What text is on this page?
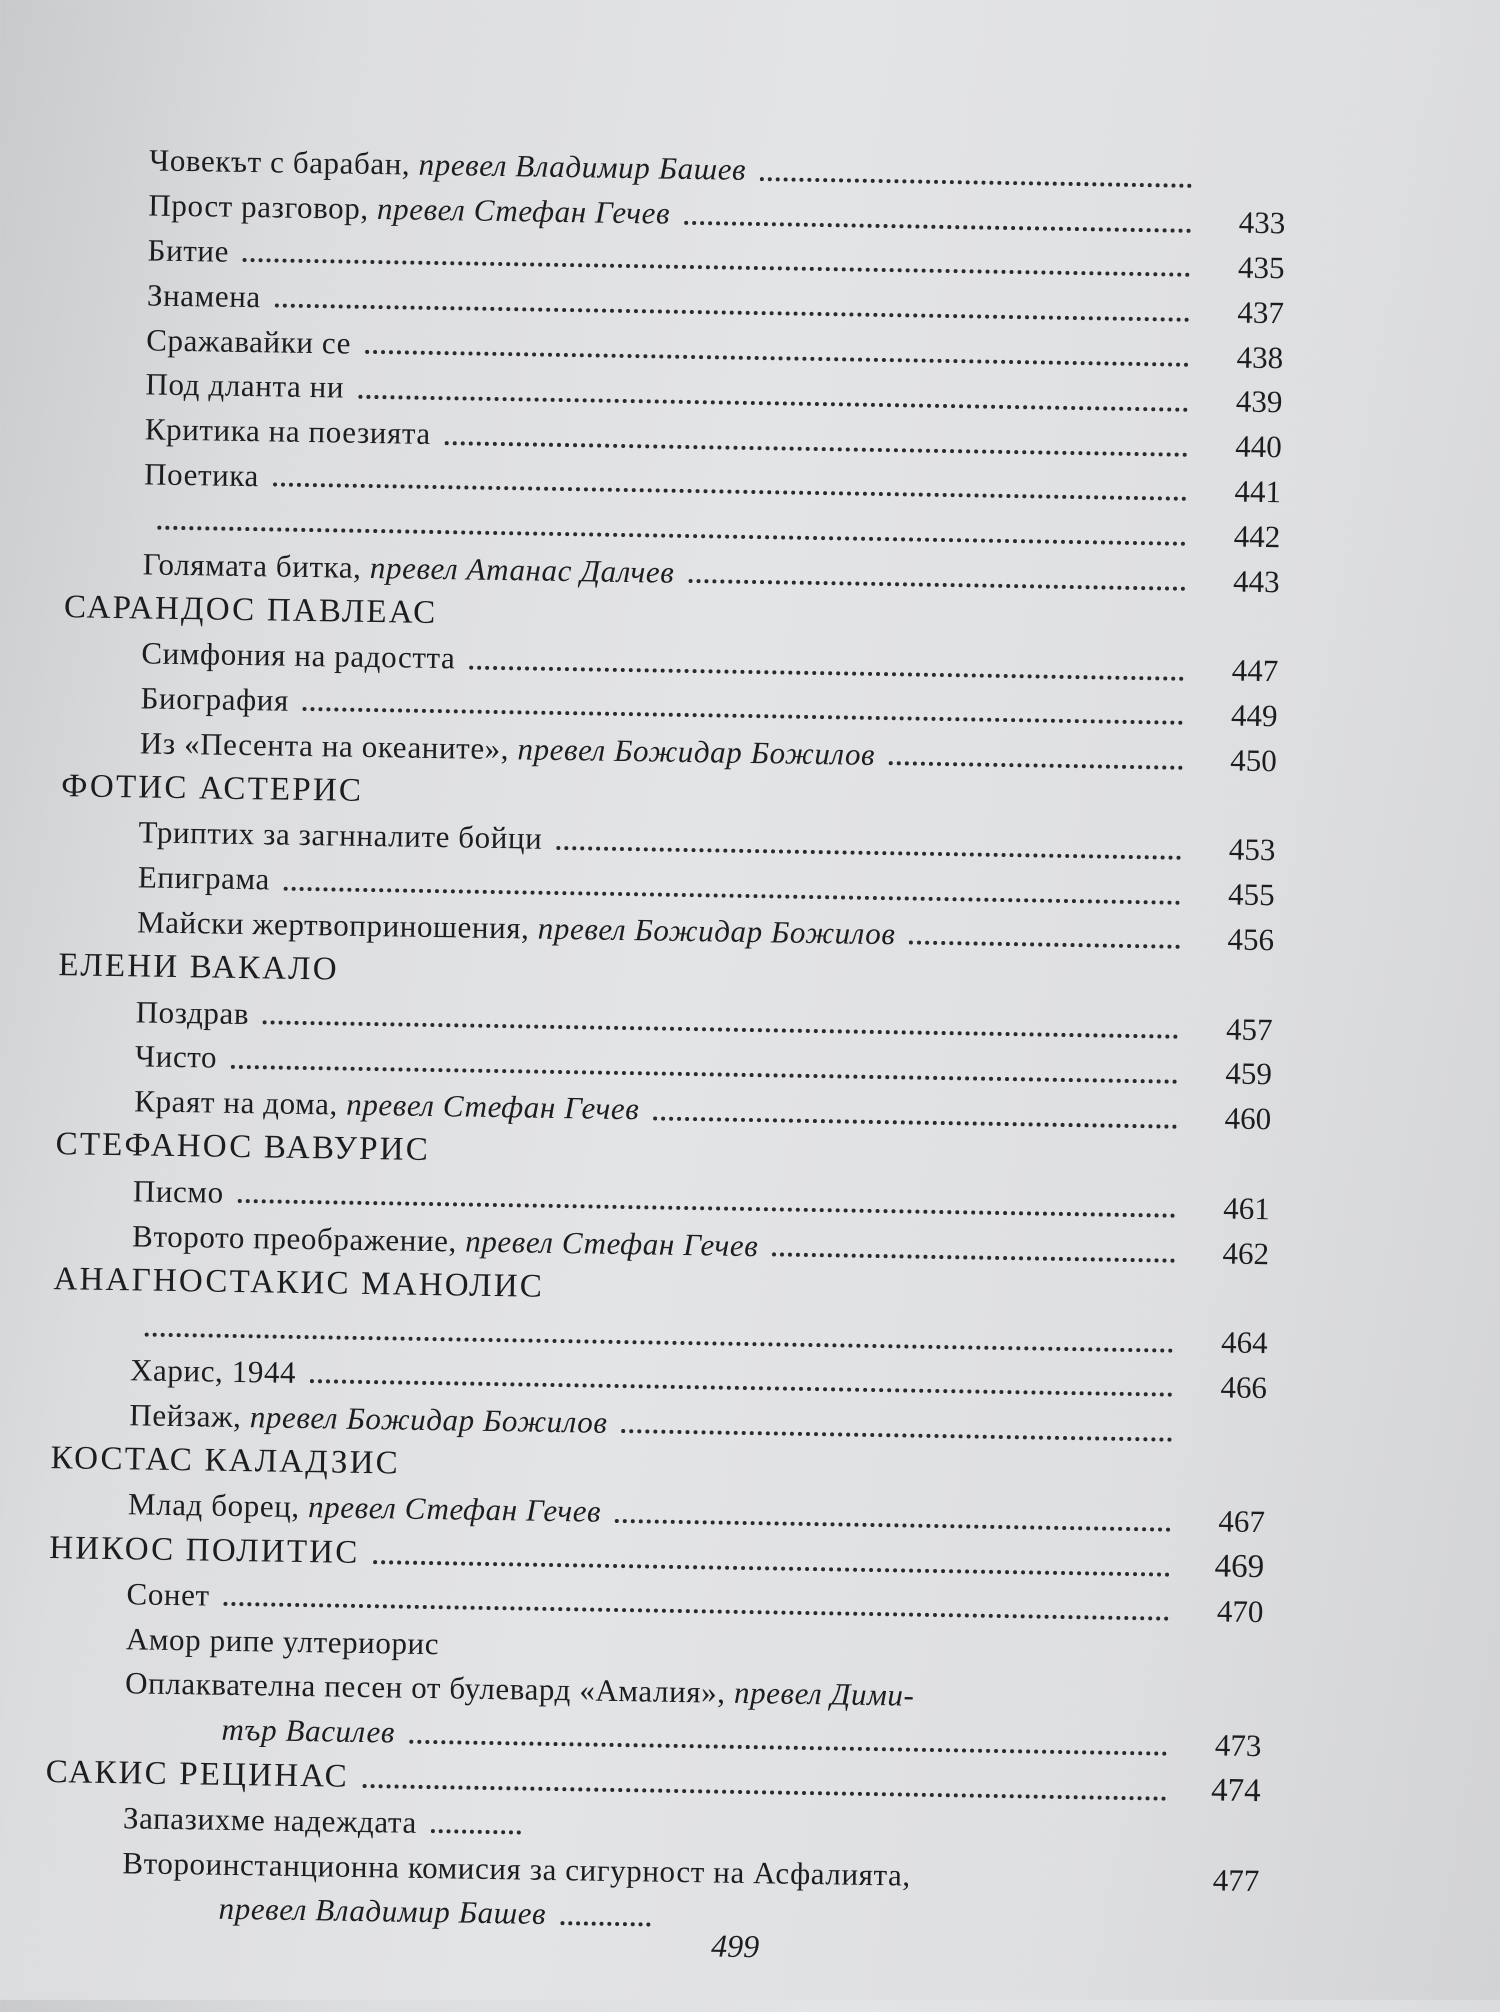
Човекът с барабан, превел Владимир Башев
Прост разговор, превел Стефан Гечев	433
Битие	435
Знамена	437
Сражавайки се	438
Под дланта ни	439
Критика на поезията	440
Поетика	441
442
Голямата битка, превел Атанас Далчев	443
САРАНДОС ПАВЛЕАС
Симфония на радостта	447
Биография	449
Из «Песента на океаните», превел Божидар Божилов	450
ФОТИС АСТЕРИС
Триптих за загнналите бойци	453
Епиграма	455
Майски жертвоприношения, превел Божидар Божилов	456
ЕЛЕНИ ВАКАЛО
Поздрав	457
Чисто	459
Краят на дома, превел Стефан Гечев	460
СТЕФАНОС ВАВУРИС
Писмо	461
Второто преображение, превел Стефан Гечев	462
АНАГНОСТАКИС МАНОЛИС
464
Харис, 1944	466
Пейзаж, превел Божидар Божилов
КОСТАС КАЛАДЗИС
Млад борец, превел Стефан Гечев	467
НИКОС ПОЛИТИС	469
Сонет	470
Амор рипе ултериорис
Оплаквателна песен от булевард «Амалия», превел Дими-
тър Василев	473
САКИС РЕЦИНАС	474
Запазихме надеждата
Второинстанционна комисия за сигурност на Асфалията,	477
превел Владимир Башев
499
